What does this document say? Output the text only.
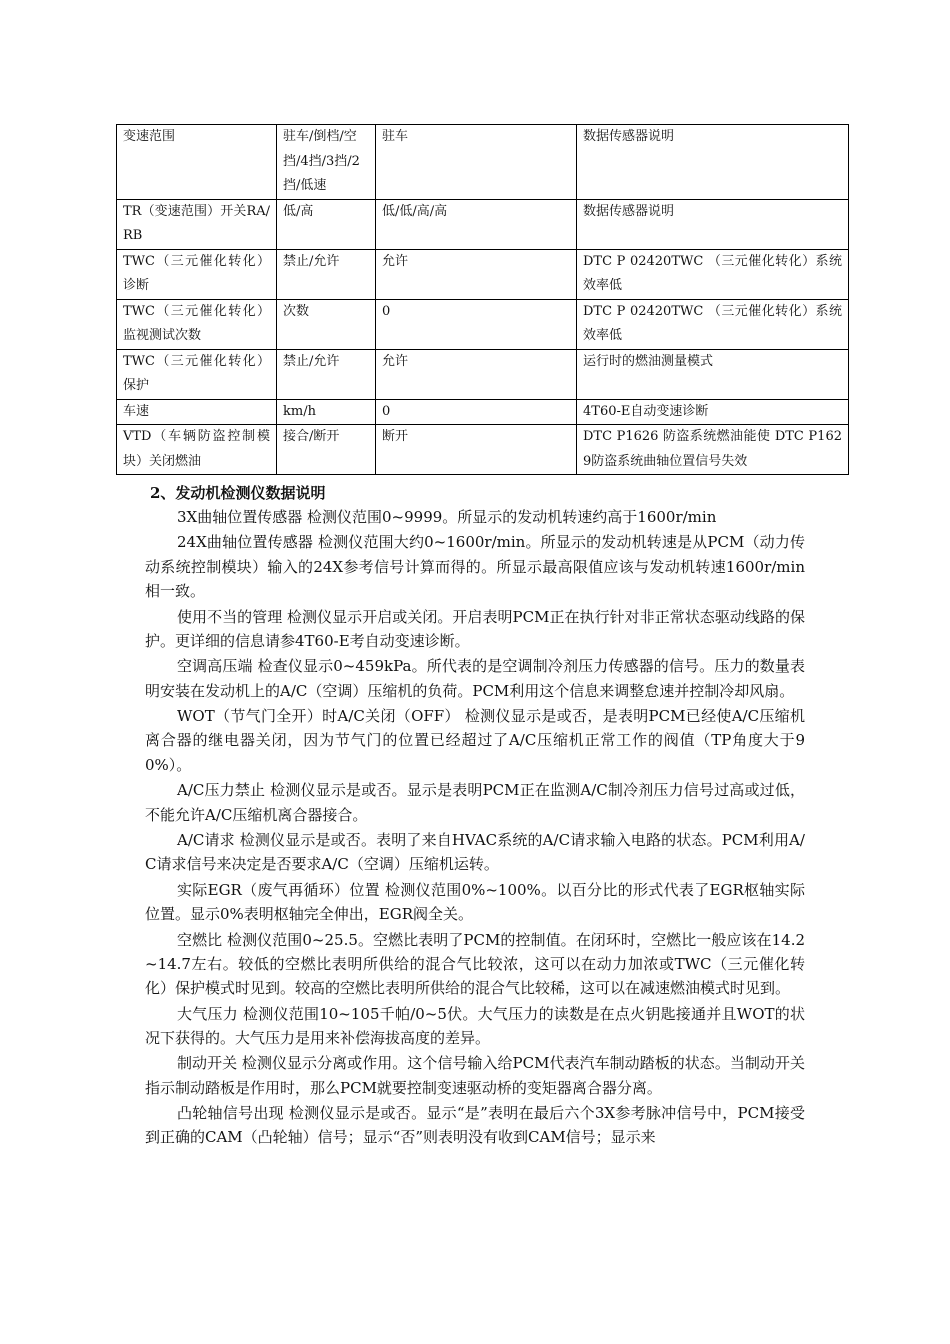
变速范围	驻车/倒档/空挡/4挡/3挡/2挡/低速	驻车	数据传感器说明
TR（变速范围）开关RA/RB	低/高	低/低/高/高	数据传感器说明
TWC（三元催化转化）诊断	禁止/允许	允许	DTC P 02420TWC （三元催化转化）系统效率低
TWC（三元催化转化）监视测试次数	次数	0	DTC P 02420TWC （三元催化转化）系统效率低
TWC（三元催化转化）保护	禁止/允许	允许	运行时的燃油测量模式
车速	km/h	0	4T60-E自动变速诊断
VTD（车辆防盗控制模块）关闭燃油	接合/断开	断开	DTC P1626 防盗系统燃油能使 DTC P1629防盗系统曲轴位置信号失效
2、发动机检测仪数据说明

3X曲轴位置传感器 检测仪范围0~9999。所显示的发动机转速约高于1600r/min

24X曲轴位置传感器 检测仪范围大约0~1600r/min。所显示的发动机转速是从PCM（动力传动系统控制模块）输入的24X参考信号计算而得的。所显示最高限值应该与发动机转速1600r/min相一致。

使用不当的管理 检测仪显示开启或关闭。开启表明PCM正在执行针对非正常状态驱动线路的保护。更详细的信息请参4T60-E考自动变速诊断。

空调高压端 检查仪显示0~459kPa。所代表的是空调制冷剂压力传感器的信号。压力的数量表明安装在发动机上的A/C（空调）压缩机的负荷。PCM利用这个信息来调整怠速并控制冷却风扇。

WOT（节气门全开）时A/C关闭（OFF） 检测仪显示是或否，是表明PCM已经使A/C压缩机离合器的继电器关闭，因为节气门的位置已经超过了A/C压缩机正常工作的阀值（TP角度大于90%）。

A/C压力禁止 检测仪显示是或否。显示是表明PCM正在监测A/C制冷剂压力信号过高或过低，不能允许A/C压缩机离合器接合。

A/C请求 检测仪显示是或否。表明了来自HVAC系统的A/C请求输入电路的状态。PCM利用A/C请求信号来决定是否要求A/C（空调）压缩机运转。

实际EGR（废气再循环）位置 检测仪范围0%~100%。以百分比的形式代表了EGR枢轴实际位置。显示0%表明枢轴完全伸出，EGR阀全关。

空燃比 检测仪范围0~25.5。空燃比表明了PCM的控制值。在闭环时，空燃比一般应该在14.2~14.7左右。较低的空燃比表明所供给的混合气比较浓，这可以在动力加浓或TWC（三元催化转化）保护模式时见到。较高的空燃比表明所供给的混合气比较稀，这可以在减速燃油模式时见到。

大气压力 检测仪范围10~105千帕/0~5伏。大气压力的读数是在点火钥匙接通并且WOT的状况下获得的。大气压力是用来补偿海拔高度的差异。

制动开关 检测仪显示分离或作用。这个信号输入给PCM代表汽车制动踏板的状态。当制动开关指示制动踏板是作用时，那么PCM就要控制变速驱动桥的变矩器离合器分离。

凸轮轴信号出现 检测仪显示是或否。显示“是”表明在最后六个3X参考脉冲信号中，PCM接受到正确的CAM（凸轮轴）信号；显示“否”则表明没有收到CAM信号；显示来
